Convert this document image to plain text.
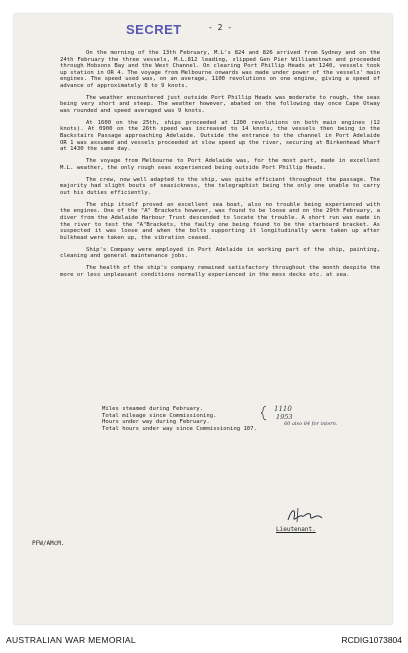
SECRET	- 2 -

On the morning of the 13th February, M.L's 824 and 826 arrived from Sydney and on the 24th February the three vessels, M.L.812 leading, slipped Gen Pier Williamstown and proceeded through Hobsons Bay and the West Channel. On clearing Port Phillip Heads at 1240, vessels took up station in OR 4. The voyage from Melbourne onwards was made under power of the vessels' main engines. The speed used was, on an average, 1100 revolutions on one engine, giving a speed of advance of approximately 8 to 9 knots.

The weather encountered just outside Port Phillip Heads was moderate to rough, the seas being very short and steep. The weather however, abated on the following day once Cape Otway was rounded and speed averaged was 9 knots.

At 1600 on the 25th, ships proceeded at 1200 revolutions on both main engines (12 knots). At 0900 on the 26th speed was increased to 14 knots, the vessels then being in the Backstairs Passage approaching Adelaide. Outside the entrance to the channel in Port Adelaide OR 1 was assumed and vessels proceeded at slow speed up the river, securing at Birkenhead Wharf at 1430 the same day.

The voyage from Melbourne to Port Adelaide was, for the most part, made in excellent M.L. weather, the only rough seas experienced being outside Port Phillip Heads.

The crew, now well adapted to the ship, was quite efficient throughout the passage. The majority had slight bouts of seasickness, the telegraphist being the only one unable to carry out his duties efficiently.

The ship itself proved an excellent sea boat, also no trouble being experienced with the engines. One of the "A" Brackets however, was found to be loose and on the 29th February, a diver from the Adelaide Harbour Trust descended to locate the trouble. A short run was made in the river to test the "A"Brackets, the faulty one being found to be the starboard bracket. As suspected it was loose and when the bolts supporting it longitudinally were taken up after bulkhead were taken up, the vibration ceased.

Ship's Company were employed in Port Adelaide in working part of the ship, painting, cleaning and general maintenance jobs.

The health of the ship's company remained satisfactory throughout the month despite the more or less unpleasant conditions normally experienced in the mess decks etc. at sea.

Miles steamed during February.
Total mileage since Commissioning.
Hours under way during February.
Total hours under way since Commissioning 107.
1110
1953
60 also 64 for intern.
Lieutenant.
PFW/AMcM.
AUSTRALIAN WAR MEMORIAL	RCDIG1073804
